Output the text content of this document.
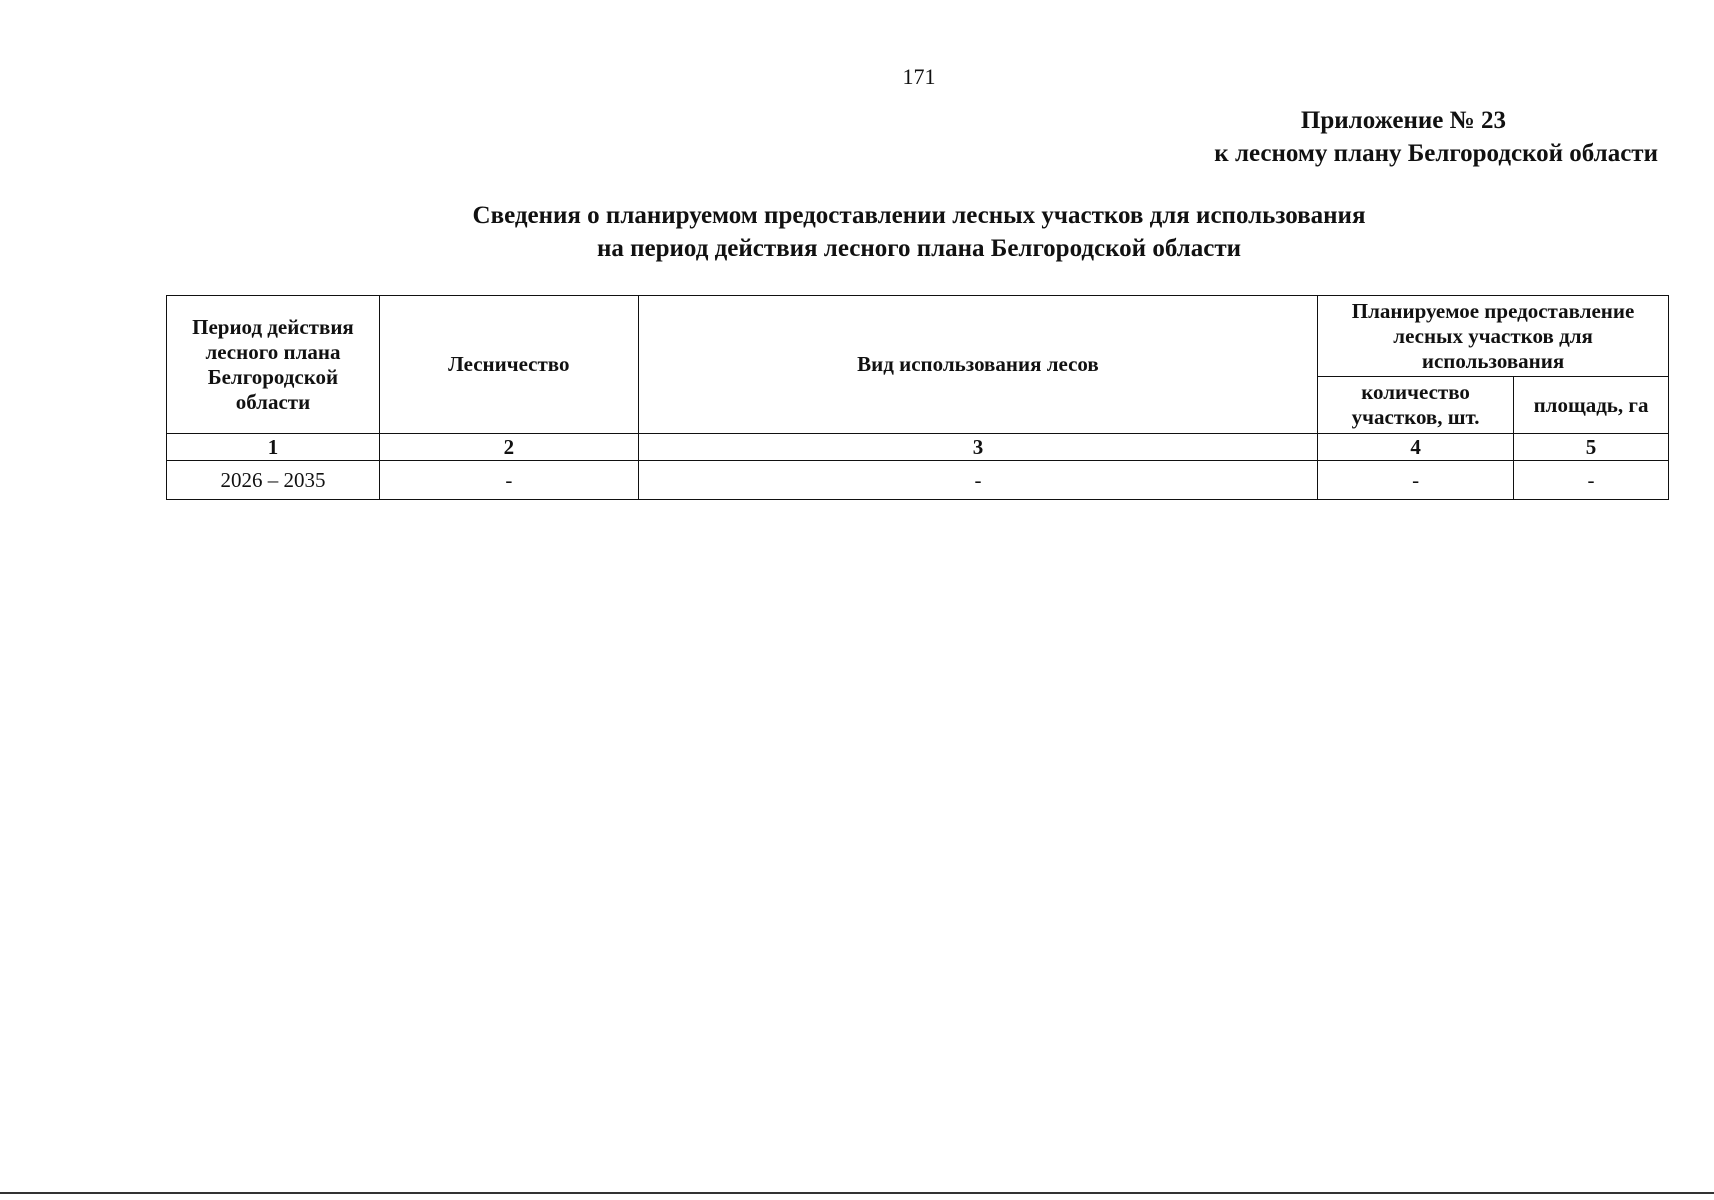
171
Приложение № 23
к лесному плану Белгородской области
Сведения о планируемом предоставлении лесных участков для использования
на период действия лесного плана Белгородской области
Период действия лесного плана Белгородской области	Лесничество	Вид использования лесов	Планируемое предоставление лесных участков для использования	
			количество участков, шт.	площадь, га
1	2	3	4	5
2026 – 2035	-	-	-	-
